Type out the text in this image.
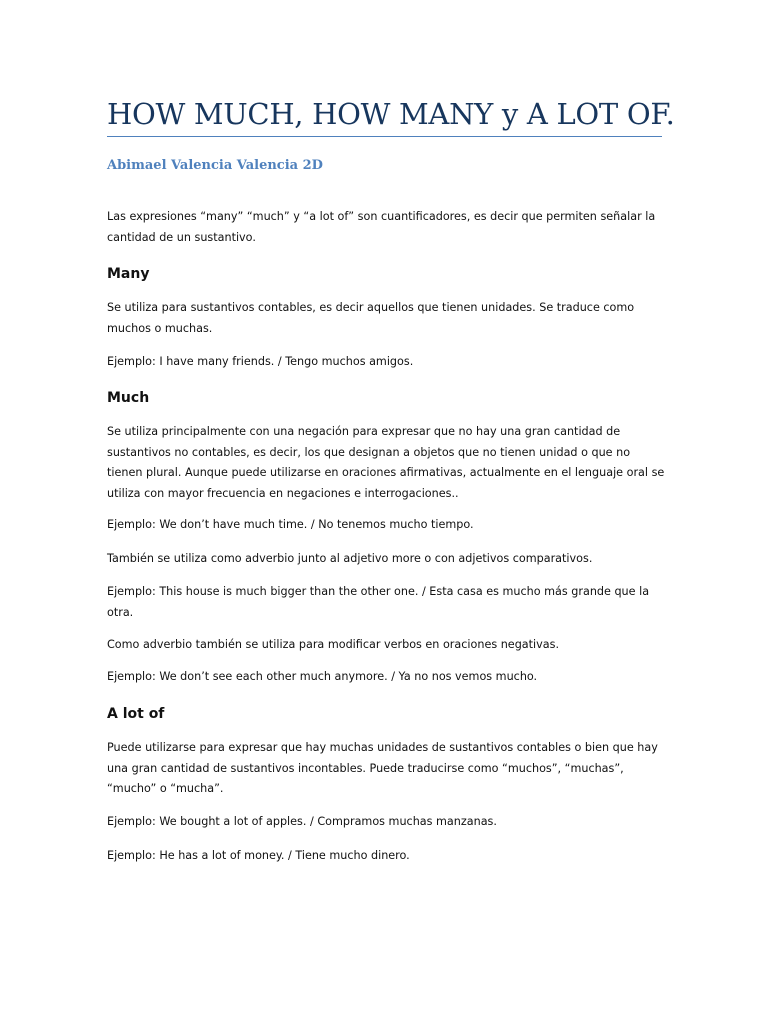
HOW MUCH, HOW MANY y A LOT OF.
Abimael Valencia Valencia 2D

Las expresiones “many” “much” y “a lot of” son cuantificadores, es decir que permiten señalar la cantidad de un sustantivo.

Many

Se utiliza para sustantivos contables, es decir aquellos que tienen unidades. Se traduce como muchos o muchas.

Ejemplo: I have many friends. / Tengo muchos amigos.

Much

Se utiliza principalmente con una negación para expresar que no hay una gran cantidad de sustantivos no contables, es decir, los que designan a objetos que no tienen unidad o que no tienen plural. Aunque puede utilizarse en oraciones afirmativas, actualmente en el lenguaje oral se utiliza con mayor frecuencia en negaciones e interrogaciones..

Ejemplo: We don’t have much time. / No tenemos mucho tiempo.

También se utiliza como adverbio junto al adjetivo more o con adjetivos comparativos.

Ejemplo: This house is much bigger than the other one. / Esta casa es mucho más grande que la otra.

Como adverbio también se utiliza para modificar verbos en oraciones negativas.

Ejemplo: We don’t see each other much anymore. / Ya no nos vemos mucho.

A lot of

Puede utilizarse para expresar que hay muchas unidades de sustantivos contables o bien que hay una gran cantidad de sustantivos incontables. Puede traducirse como “muchos”, “muchas”, “mucho” o “mucha”.

Ejemplo: We bought a lot of apples. / Compramos muchas manzanas.

Ejemplo: He has a lot of money. / Tiene mucho dinero.
